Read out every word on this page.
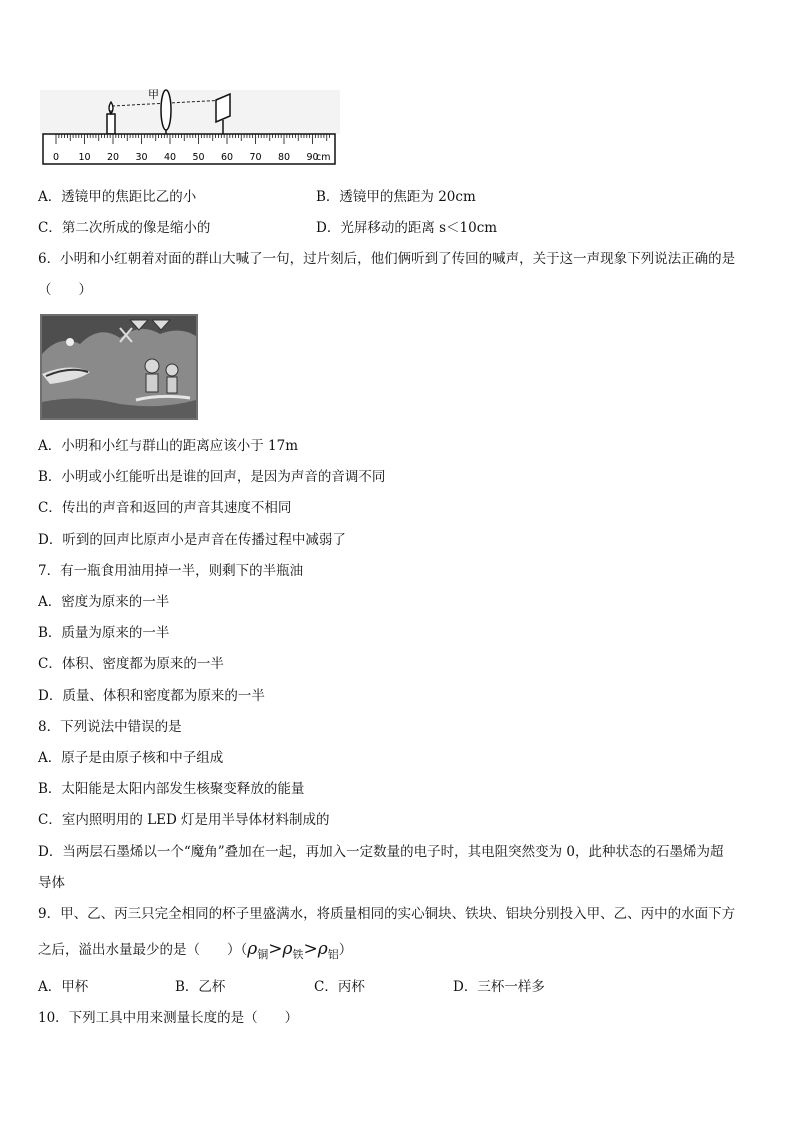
甲
0 10 20 30 40 50 60 70 80 90
cm
A．透镜甲的焦距比乙的小	B．透镜甲的焦距为 20cm
C．第二次所成的像是缩小的	D．光屏移动的距离 s＜10cm
6．小明和小红朝着对面的群山大喊了一句，过片刻后，他们俩听到了传回的喊声，关于这一声现象下列说法正确的是
（　　）
A．小明和小红与群山的距离应该小于 17m
B．小明或小红能听出是谁的回声，是因为声音的音调不同
C．传出的声音和返回的声音其速度不相同
D．听到的回声比原声小是声音在传播过程中减弱了
7．有一瓶食用油用掉一半，则剩下的半瓶油
A．密度为原来的一半
B．质量为原来的一半
C．体积、密度都为原来的一半
D．质量、体积和密度都为原来的一半
8．下列说法中错误的是
A．原子是由原子核和中子组成
B．太阳能是太阳内部发生核聚变释放的能量
C．室内照明用的 LED 灯是用半导体材料制成的
D．当两层石墨烯以一个“魔角”叠加在一起，再加入一定数量的电子时，其电阻突然变为 0，此种状态的石墨烯为超
导体
9．甲、乙、丙三只完全相同的杯子里盛满水，将质量相同的实心铜块、铁块、铝块分别投入甲、乙、丙中的水面下方
之后，溢出水量最少的是（　　）$(\rho_铜>\rho_铁>\rho_铝)$
A．甲杯	B．乙杯	C．丙杯	D．三杯一样多
10．下列工具中用来测量长度的是（　　）
